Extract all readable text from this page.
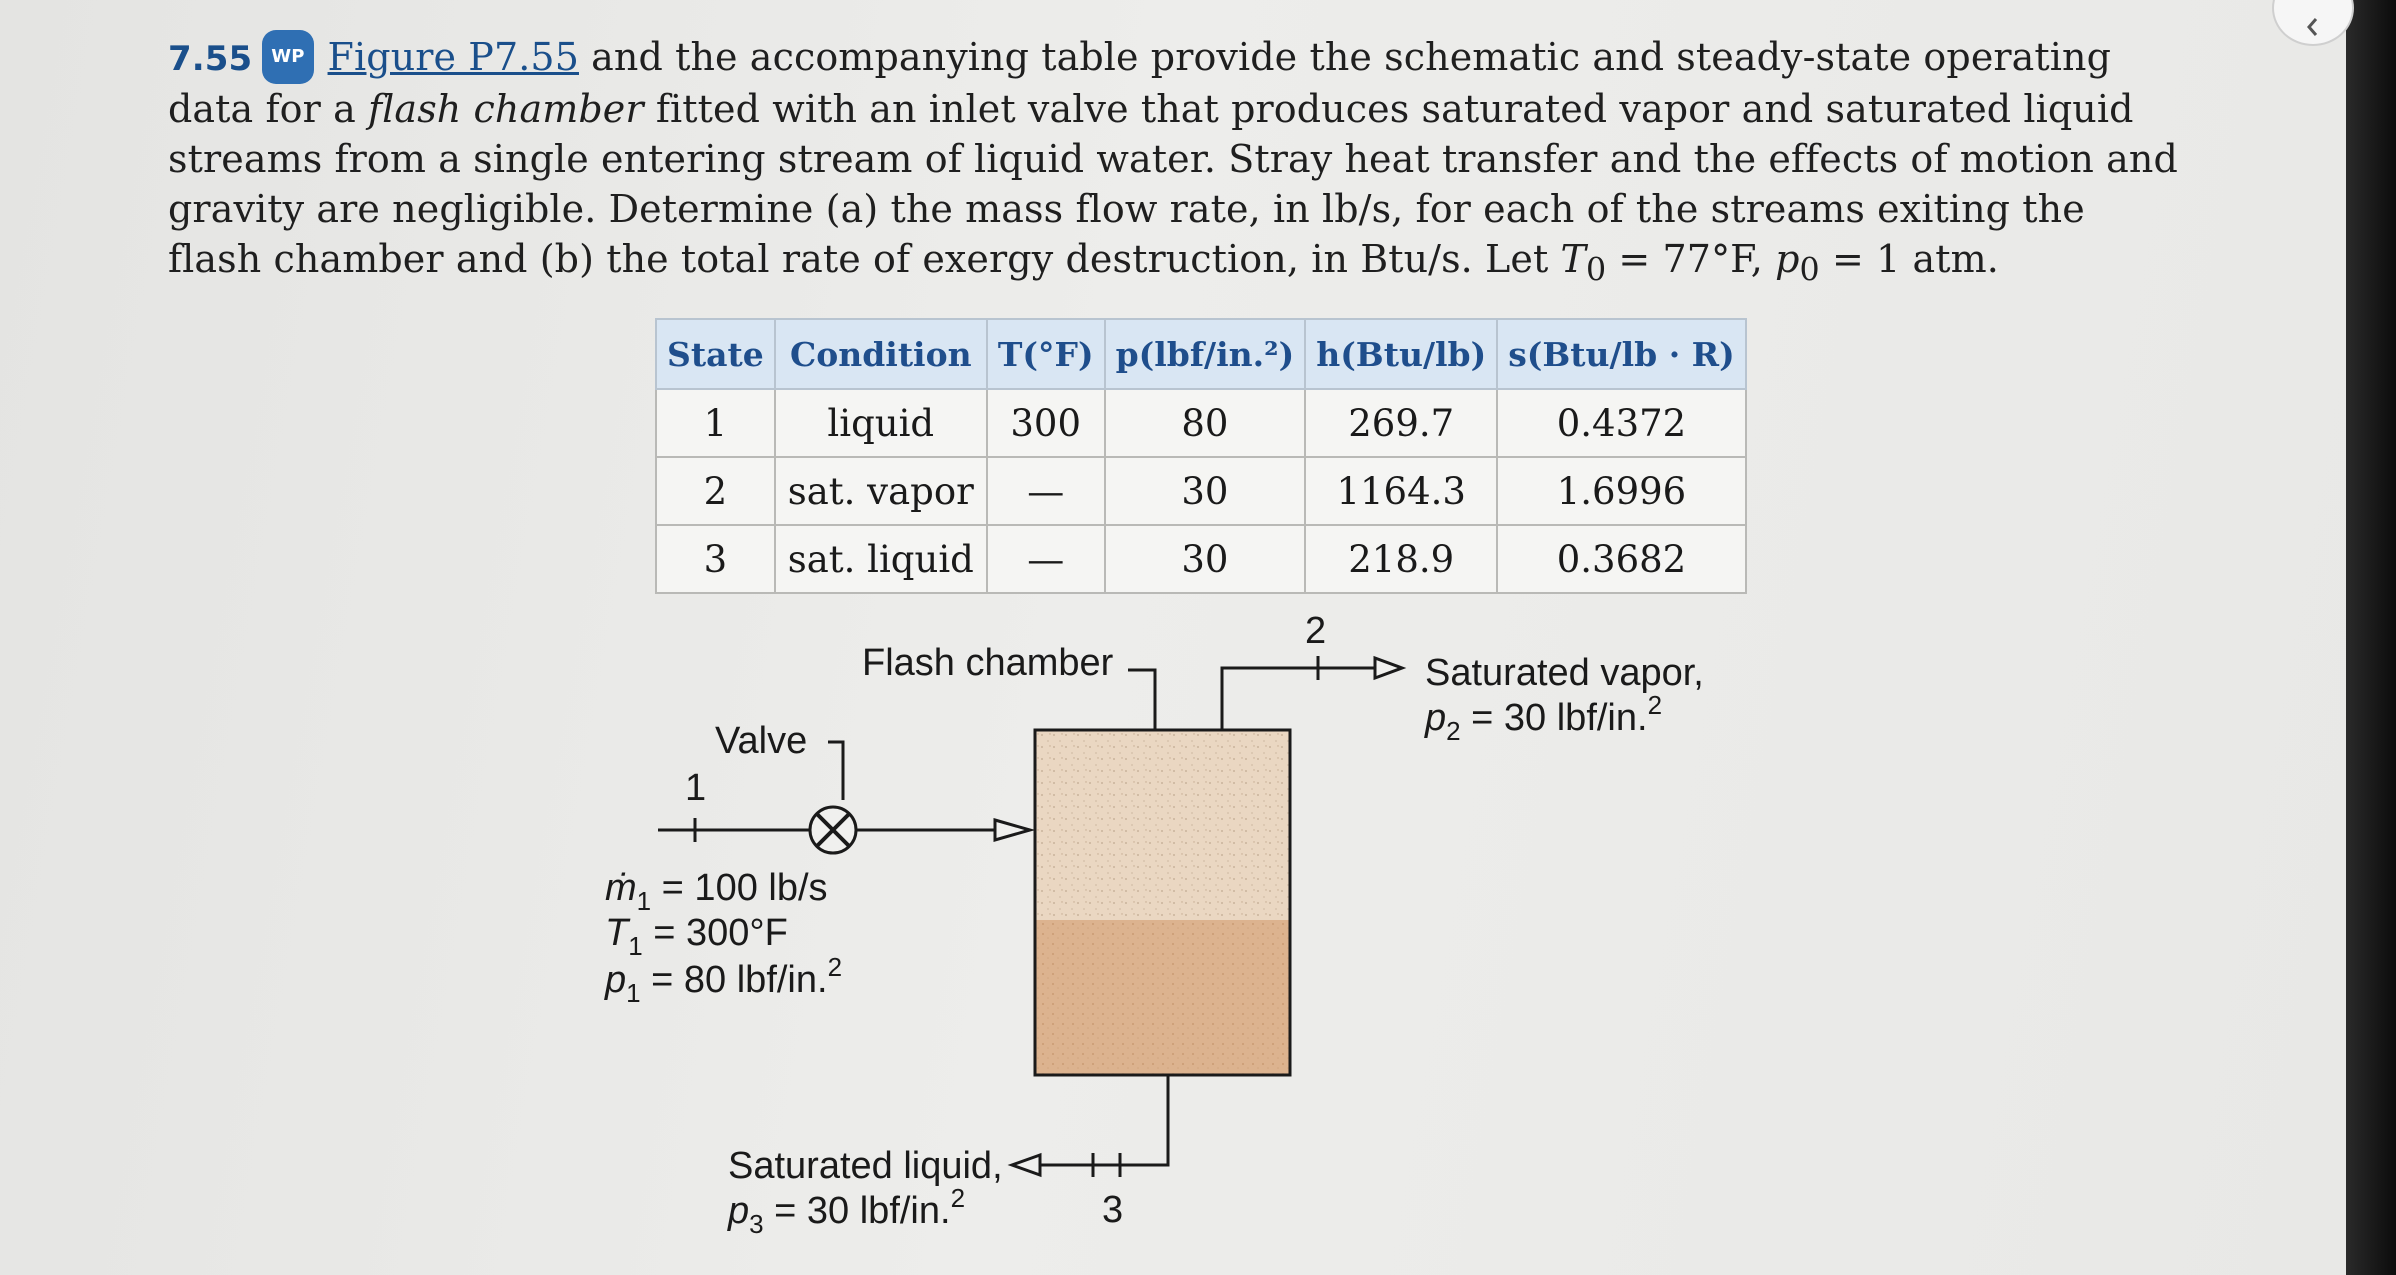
7.55 WP Figure P7.55 and the accompanying table provide the schematic and steady-state operating data for a flash chamber fitted with an inlet valve that produces saturated vapor and saturated liquid streams from a single entering stream of liquid water. Stray heat transfer and the effects of motion and gravity are negligible. Determine (a) the mass flow rate, in lb/s, for each of the streams exiting the flash chamber and (b) the total rate of exergy destruction, in Btu/s. Let $T_0 = 77^\circ F$, $p_0 = 1$ atm.
State	Condition	T(°F)	p(lbf/in.²)	h(Btu/lb)	s(Btu/lb · R)
1	liquid	300	80	269.7	0.4372
2	sat. vapor	—	30	1164.3	1.6996
3	sat. liquid	—	30	218.9	0.3682
Flash chamber
Valve
1
2
3
Saturated vapor,
$p_2 = 30$ lbf/in.$^2$
ṁ$_1$ = 100 lb/s
$T_1 = 300^\circ F$
$p_1 = 80$ lbf/in.$^2$
Saturated liquid,
$p_3 = 30$ lbf/in.$^2$
